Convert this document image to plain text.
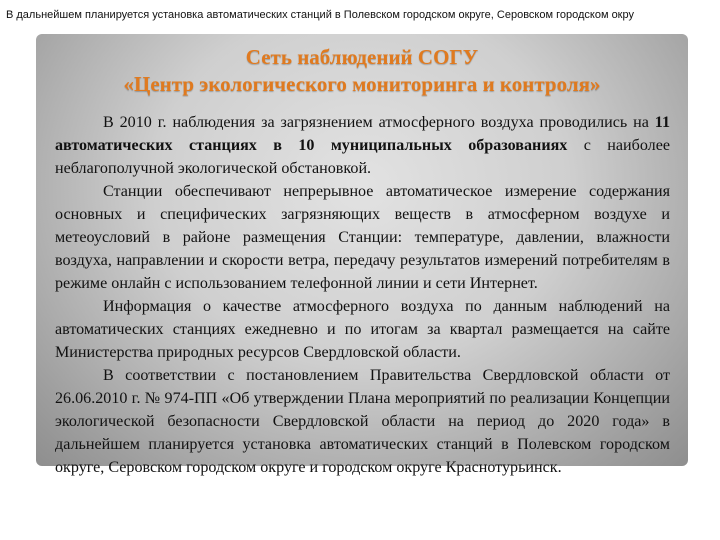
В дальнейшем планируется установка автоматических станций в Полевском городском округе, Серовском городском окру
Сеть наблюдений СОГУ
«Центр экологического мониторинга и контроля»

В 2010 г. наблюдения за загрязнением атмосферного воздуха проводились на 11 автоматических станциях в 10 муниципальных образованиях с наиболее неблагополучной экологической обстановкой.

Станции обеспечивают непрерывное автоматическое измерение содержания основных и специфических загрязняющих веществ в атмосферном воздухе и метеоусловий в районе размещения Станции: температуре, давлении, влажности воздуха, направлении и скорости ветра, передачу результатов измерений потребителям в режиме онлайн с использованием телефонной линии и сети Интернет.

Информация о качестве атмосферного воздуха по данным наблюдений на автоматических станциях ежедневно и по итогам за квартал размещается на сайте Министерства природных ресурсов Свердловской области.

В соответствии с постановлением Правительства Свердловской области от 26.06.2010 г. № 974-ПП «Об утверждении Плана мероприятий по реализации Концепции экологической безопасности Свердловской области на период до 2020 года» в дальнейшем планируется установка автоматических станций в Полевском городском округе, Серовском городском округе и городском округе Краснотурьинск.
